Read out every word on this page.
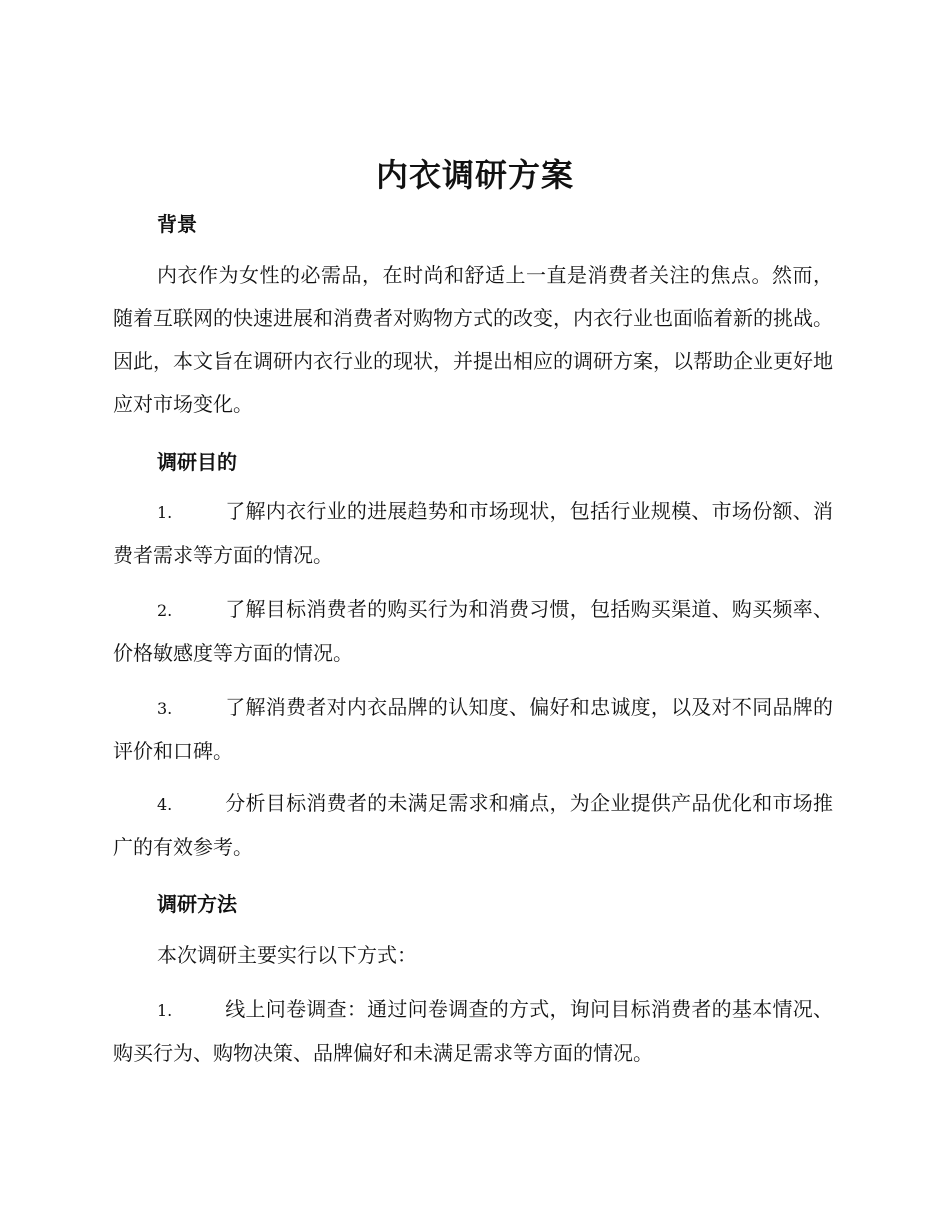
内衣调研方案
背景

内衣作为女性的必需品，在时尚和舒适上一直是消费者关注的焦点。然而，随着互联网的快速进展和消费者对购物方式的改变，内衣行业也面临着新的挑战。因此，本文旨在调研内衣行业的现状，并提出相应的调研方案，以帮助企业更好地应对市场变化。

调研目的

1.	了解内衣行业的进展趋势和市场现状，包括行业规模、市场份额、消费者需求等方面的情况。

2.	了解目标消费者的购买行为和消费习惯，包括购买渠道、购买频率、价格敏感度等方面的情况。

3.	了解消费者对内衣品牌的认知度、偏好和忠诚度，以及对不同品牌的评价和口碑。

4.	分析目标消费者的未满足需求和痛点，为企业提供产品优化和市场推广的有效参考。

调研方法

本次调研主要实行以下方式：

1.	线上问卷调查：通过问卷调查的方式，询问目标消费者的基本情况、购买行为、购物决策、品牌偏好和未满足需求等方面的情况。
